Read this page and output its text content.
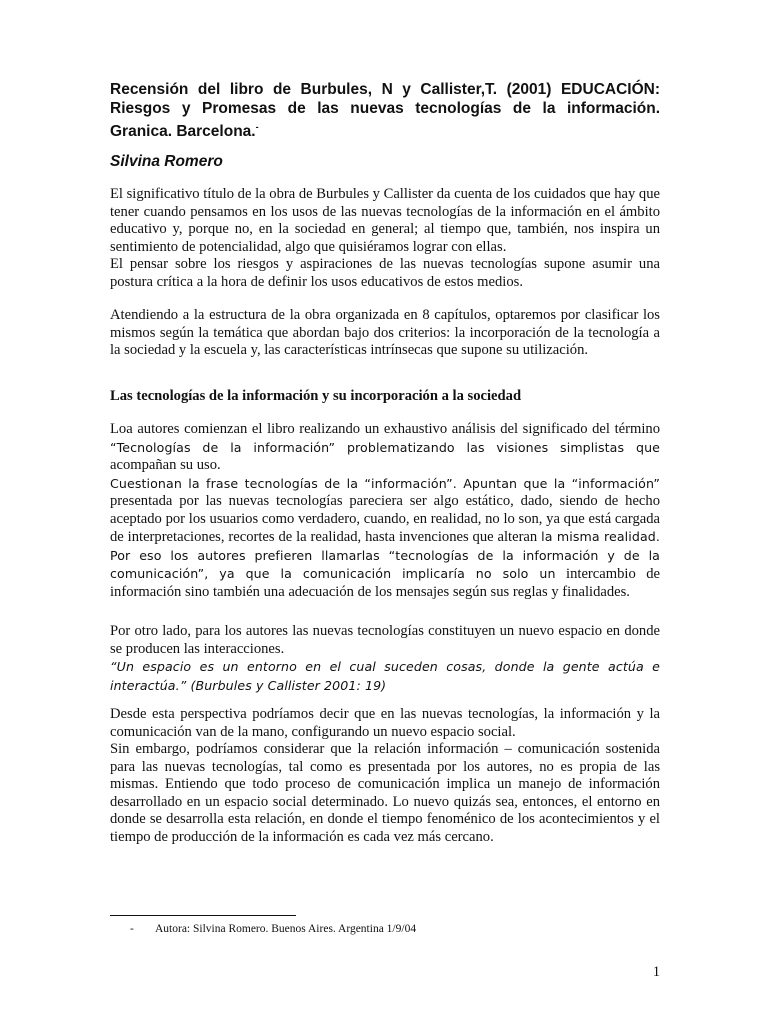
Recensión del libro de Burbules, N y Callister,T. (2001) EDUCACIÓN: Riesgos y Promesas de las nuevas tecnologías de la información. Granica. Barcelona.-
Silvina Romero

El significativo título de la obra de Burbules y Callister da cuenta de los cuidados que hay que tener cuando pensamos en los usos de las nuevas tecnologías de la información en el ámbito educativo y, porque no, en la sociedad en general; al tiempo que, también, nos inspira un sentimiento de potencialidad, algo que quisiéramos lograr con ellas.

El pensar sobre los riesgos y aspiraciones de las nuevas tecnologías supone asumir una postura crítica a la hora de definir los usos educativos de estos medios.

Atendiendo a la estructura de la obra organizada en 8 capítulos, optaremos por clasificar los mismos según la temática que abordan bajo dos criterios: la incorporación de la tecnología a la sociedad y la escuela y, las características intrínsecas que supone su utilización.

Las tecnologías de la información y su incorporación a la sociedad

Loa autores comienzan el libro realizando un exhaustivo análisis del significado del término “Tecnologías de la información” problematizando las visiones simplistas que acompañan su uso.

Cuestionan la frase tecnologías de la “información”. Apuntan que la “información” presentada por las nuevas tecnologías pareciera ser algo estático, dado, siendo de hecho aceptado por los usuarios como verdadero, cuando, en realidad, no lo son, ya que está cargada de interpretaciones, recortes de la realidad, hasta invenciones que alteran la misma realidad. Por eso los autores prefieren llamarlas “tecnologías de la información y de la comunicación”, ya que la comunicación implicaría no solo un intercambio de información sino también una adecuación de los mensajes según sus reglas y finalidades.

Por otro lado, para los autores las nuevas tecnologías constituyen un nuevo espacio en donde se producen las interacciones.

“Un espacio es un entorno en el cual suceden cosas, donde la gente actúa e interactúa.” (Burbules y Callister 2001: 19)

Desde esta perspectiva podríamos decir que en las nuevas tecnologías, la información y la comunicación van de la mano, configurando un nuevo espacio social.

Sin embargo, podríamos considerar que la relación información – comunicación sostenida para las nuevas tecnologías, tal como es presentada por los autores, no es propia de las mismas. Entiendo que todo proceso de comunicación implica un manejo de información desarrollado en un espacio social determinado. Lo nuevo quizás sea, entonces, el entorno en donde se desarrolla esta relación, en donde el tiempo fenoménico de los acontecimientos y el tiempo de producción de la información es cada vez más cercano.

- Autora: Silvina Romero. Buenos Aires. Argentina 1/9/04
1
